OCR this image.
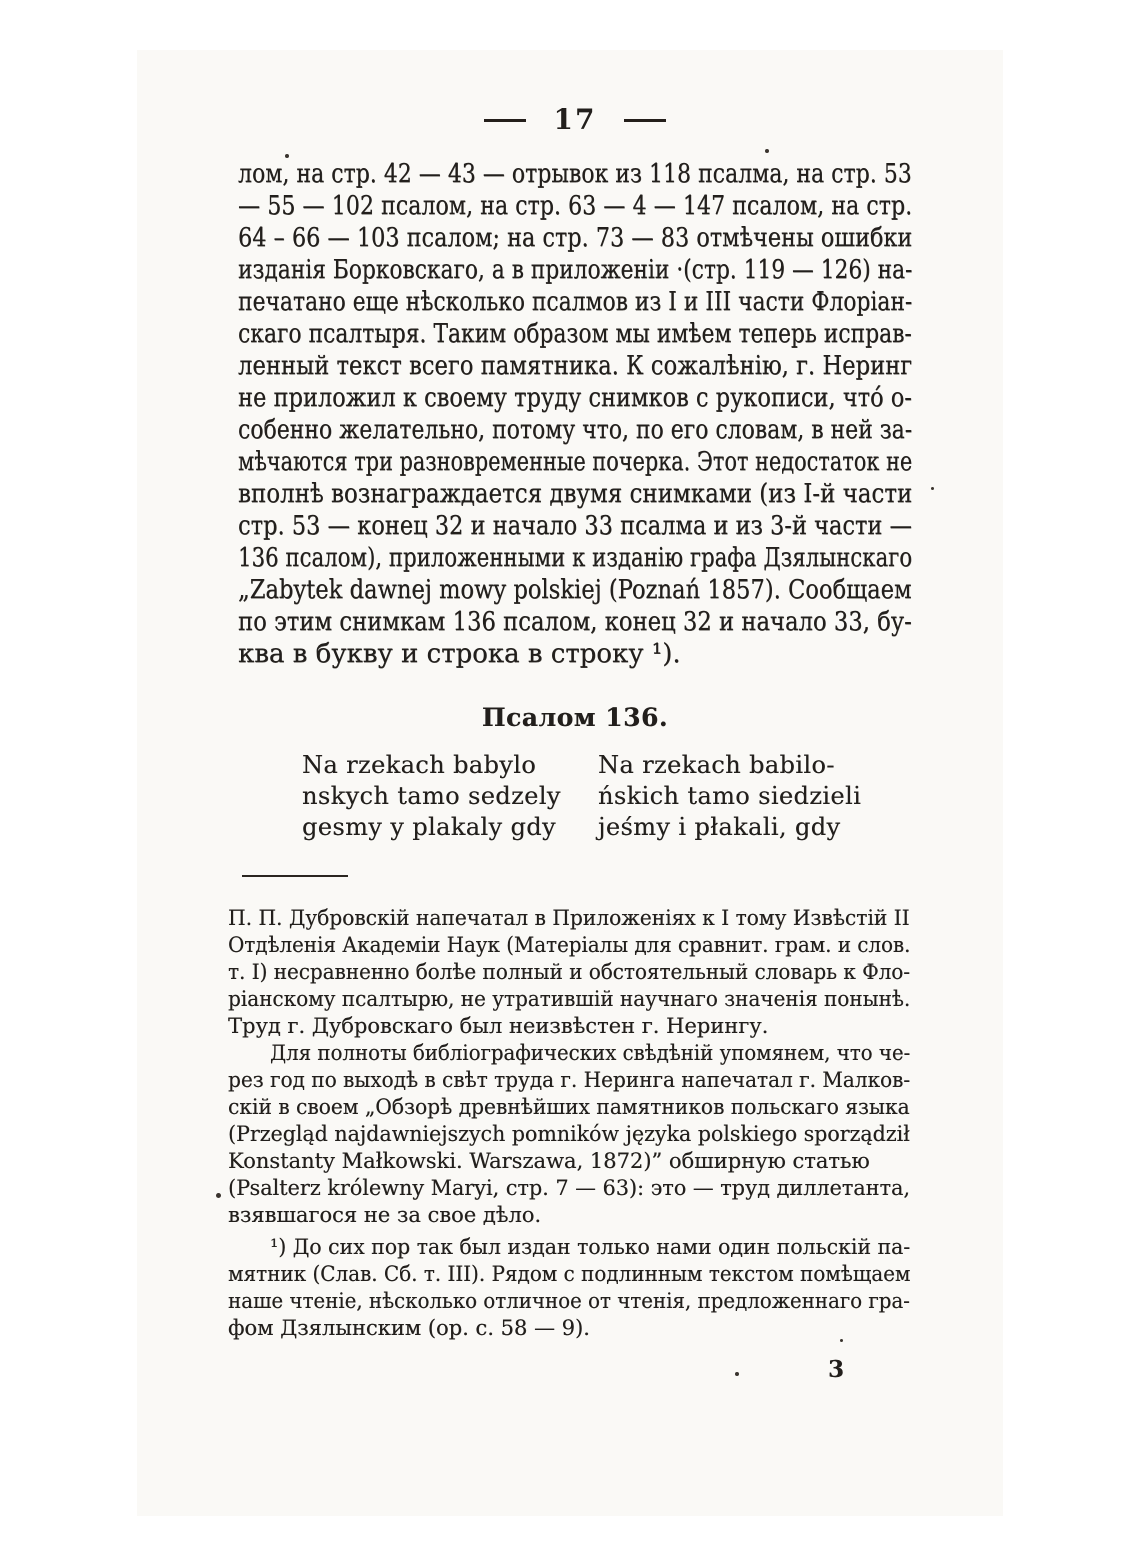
17
лом, на стр. 42 — 43 — отрывок из 118 псалма, на стр. 53
— 55 — 102 псалом, на стр. 63 — 4 — 147 псалом, на стр.
64 – 66 — 103 псалом; на стр. 73 — 83 отмѣчены ошибки
изданія Борковскаго, а в приложеніи ·(стр. 119 — 126) на-
печатано еще нѣсколько псалмов из I и III части Флоріан-
скаго псалтыря. Таким образом мы имѣем теперь исправ-
ленный текст всего памятника. К сожалѣнію, г. Неринг
не приложил к своему труду снимков с рукописи, что́ о-
собенно желательно, потому что, по его словам, в ней за-
мѣчаются три разновременные почерка. Этот недостаток не
вполнѣ вознаграждается двумя снимками (из I-й части
стр. 53 — конец 32 и начало 33 псалма и из 3-й части —
136 псалом), приложенными к изданію графа Дзялынскаго
„Zabytek dawnej mowy polskiej (Poznań 1857). Сообщаем
по этим снимкам 136 псалом, конец 32 и начало 33, бу-
ква в букву и строка в строку ¹).
Псалом 136.
Na rzekach babylo
nskych tamo sedzely
gesmy y plakaly gdy
Na rzekach babilo-
ńskich tamo siedzieli
jeśmy i płakali, gdy
П. П. Дубровскій напечатал в Приложеніях к I тому Извѣстій II
Отдѣленія Академіи Наук (Матеріалы для сравнит. грам. и слов.
т. I) несравненно болѣе полный и обстоятельный словарь к Фло-
ріанскому псалтырю, не утратившій научнаго значенія понынѣ.
Труд г. Дубровскаго был неизвѣстен г. Нерингу.
Для полноты библіографических свѣдѣній упомянем, что че-
рез год по выходѣ в свѣт труда г. Неринга напечатал г. Малков-
скій в своем „Обзорѣ древнѣйших памятников польскаго языка
(Przegląd najdawniejszych pomników języka polskiego sporządził
Konstanty Małkowski. Warszawa, 1872)” обширную статью
(Psalterz królewny Maryi, стр. 7 — 63): это — труд диллетанта,
взявшагося не за свое дѣло.
¹) До сих пор так был издан только нами один польскій па-
мятник (Слав. Сб. т. III). Рядом с подлинным текстом помѣщаем
наше чтеніе, нѣсколько отличное от чтенія, предложеннаго гра-
фом Дзялынским (ор. с. 58 — 9).
3
